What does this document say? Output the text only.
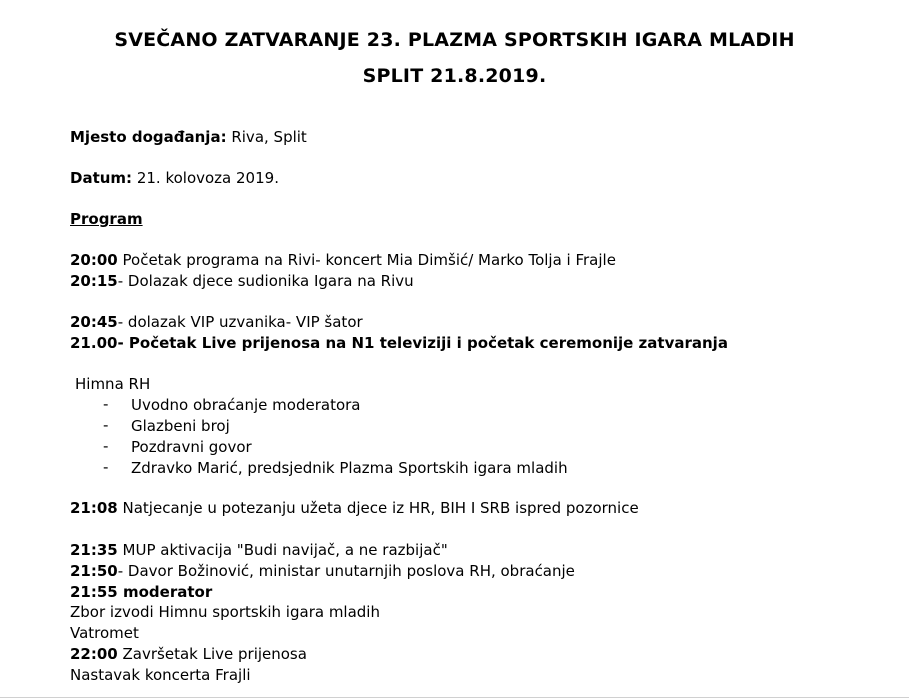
SVEČANO ZATVARANJE 23. PLAZMA SPORTSKIH IGARA MLADIH
SPLIT 21.8.2019.
Mjesto događanja: Riva, Split
Datum: 21. kolovoza 2019.
Program
20:00 Početak programa na Rivi- koncert Mia Dimšić/ Marko Tolja i Frajle
20:15- Dolazak djece sudionika Igara na Rivu
20:45- dolazak VIP uzvanika- VIP šator
21.00- Početak Live prijenosa na N1 televiziji i početak ceremonije zatvaranja
Himna RH
- Uvodno obraćanje moderatora
- Glazbeni broj
- Pozdravni govor
- Zdravko Marić, predsjednik Plazma Sportskih igara mladih
21:08 Natjecanje u potezanju užeta djece iz HR, BIH I SRB ispred pozornice
21:35 MUP aktivacija "Budi navijač, a ne razbijač"
21:50- Davor Božinović, ministar unutarnjih poslova RH, obraćanje
21:55 moderator
Zbor izvodi Himnu sportskih igara mladih
Vatromet
22:00 Završetak Live prijenosa
Nastavak koncerta Frajli
